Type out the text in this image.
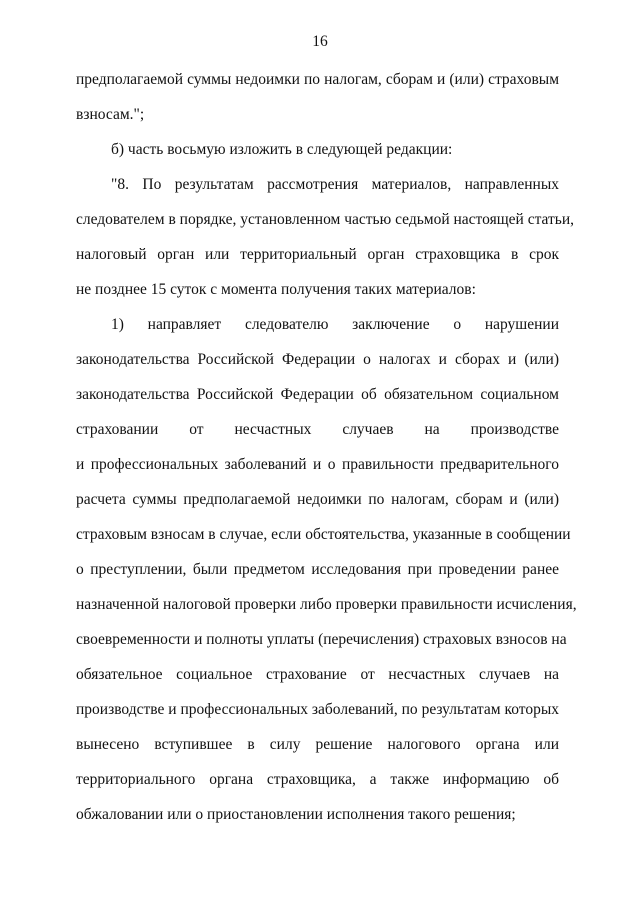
16
предполагаемой суммы недоимки по налогам, сборам и (или) страховым
взносам.";
б) часть восьмую изложить в следующей редакции:
"8. По результатам рассмотрения материалов, направленных
следователем в порядке, установленном частью седьмой настоящей статьи,
налоговый орган или территориальный орган страховщика в срок
не позднее 15 суток с момента получения таких материалов:
1) направляет следователю заключение о нарушении
законодательства Российской Федерации о налогах и сборах и (или)
законодательства Российской Федерации об обязательном социальном
страховании от несчастных случаев на производстве
и профессиональных заболеваний и о правильности предварительного
расчета суммы предполагаемой недоимки по налогам, сборам и (или)
страховым взносам в случае, если обстоятельства, указанные в сообщении
о преступлении, были предметом исследования при проведении ранее
назначенной налоговой проверки либо проверки правильности исчисления,
своевременности и полноты уплаты (перечисления) страховых взносов на
обязательное социальное страхование от несчастных случаев на
производстве и профессиональных заболеваний, по результатам которых
вынесено вступившее в силу решение налогового органа или
территориального органа страховщика, а также информацию об
обжаловании или о приостановлении исполнения такого решения;
